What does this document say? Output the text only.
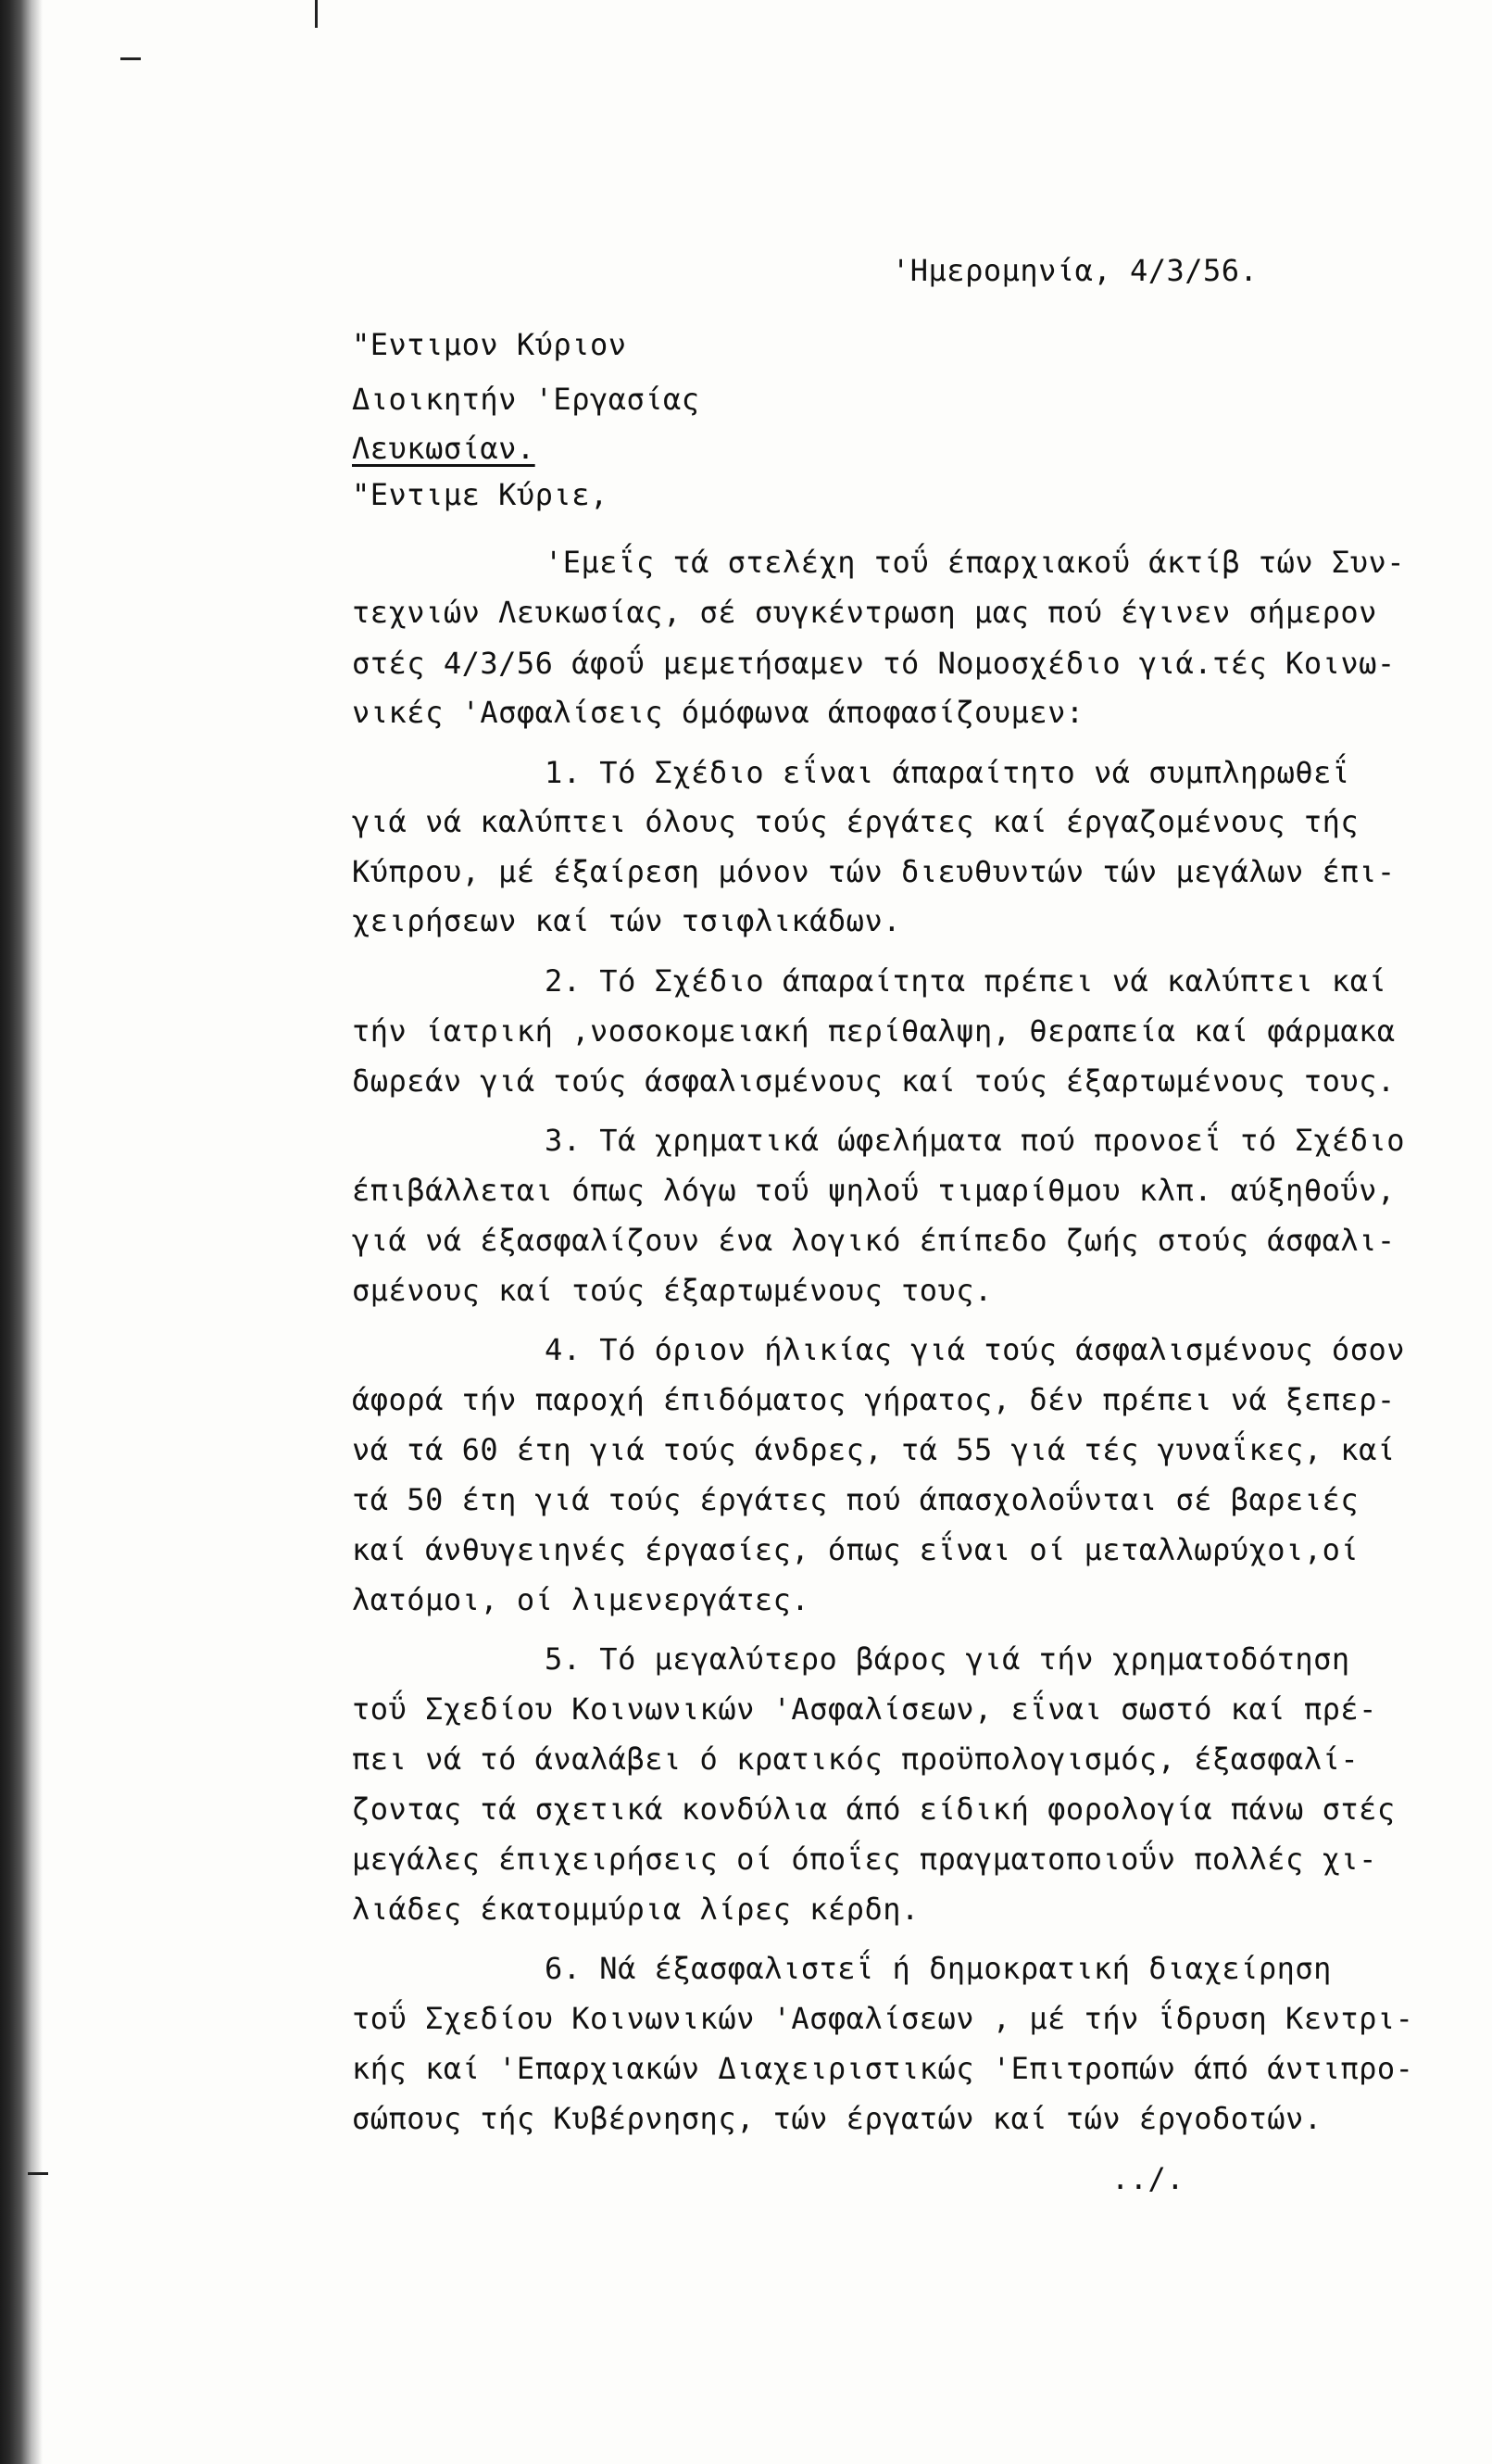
'Ημερομηνία, 4/3/56.
"Εντιμον Κύριον
Διοικητήν 'Εργασίας
Λευκωσίαν.
"Εντιμε Κύριε,
'Εμεΐς τά στελέχη τοΰ έπαρχιακοΰ άκτίβ τών Συν-
τεχνιών Λευκωσίας, σέ συγκέντρωση μας πού έγινεν σήμερον
στές 4/3/56 άφοΰ μεμετήσαμεν τό Νομοσχέδιο γιά.τές Κοινω-
νικές 'Ασφαλίσεις όμόφωνα άποφασίζουμεν:
1. Τό Σχέδιο εΐναι άπαραίτητο νά συμπληρωθεΐ
γιά νά καλύπτει όλους τούς έργάτες καί έργαζομένους τής
Κύπρου, μέ έξαίρεση μόνον τών διευθυντών τών μεγάλων έπι-
χειρήσεων καί τών τσιφλικάδων.
2. Τό Σχέδιο άπαραίτητα πρέπει νά καλύπτει καί
τήν ίατρική ,νοσοκομειακή περίθαλψη, θεραπεία καί φάρμακα
δωρεάν γιά τούς άσφαλισμένους καί τούς έξαρτωμένους τους.
3. Τά χρηματικά ώφελήματα πού προνοεΐ τό Σχέδιο
έπιβάλλεται όπως λόγω τοΰ ψηλοΰ τιμαρίθμου κλπ. αύξηθοΰν,
γιά νά έξασφαλίζουν ένα λογικό έπίπεδο ζωής στούς άσφαλι-
σμένους καί τούς έξαρτωμένους τους.
4. Τό όριον ήλικίας γιά τούς άσφαλισμένους όσον
άφορά τήν παροχή έπιδόματος γήρατος, δέν πρέπει νά ξεπερ-
νά τά 60 έτη γιά τούς άνδρες, τά 55 γιά τές γυναΐκες, καί
τά 50 έτη γιά τούς έργάτες πού άπασχολοΰνται σέ βαρειές
καί άνθυγειηνές έργασίες, όπως εΐναι οί μεταλλωρύχοι,οί
λατόμοι, οί λιμενεργάτες.
5. Τό μεγαλύτερο βάρος γιά τήν χρηματοδότηση
τοΰ Σχεδίου Κοινωνικών 'Ασφαλίσεων, εΐναι σωστό καί πρέ-
πει νά τό άναλάβει ό κρατικός προϋπολογισμός, έξασφαλί-
ζοντας τά σχετικά κονδύλια άπό είδική φορολογία πάνω στές
μεγάλες έπιχειρήσεις οί όποΐες πραγματοποιοΰν πολλές χι-
λιάδες έκατομμύρια λίρες κέρδη.
6. Νά έξασφαλιστεΐ ή δημοκρατική διαχείρηση
τοΰ Σχεδίου Κοινωνικών 'Ασφαλίσεων , μέ τήν ΐδρυση Κεντρι-
κής καί 'Επαρχιακών Διαχειριστικώς 'Επιτροπών άπό άντιπρο-
σώπους τής Κυβέρνησης, τών έργατών καί τών έργοδοτών.
../.
